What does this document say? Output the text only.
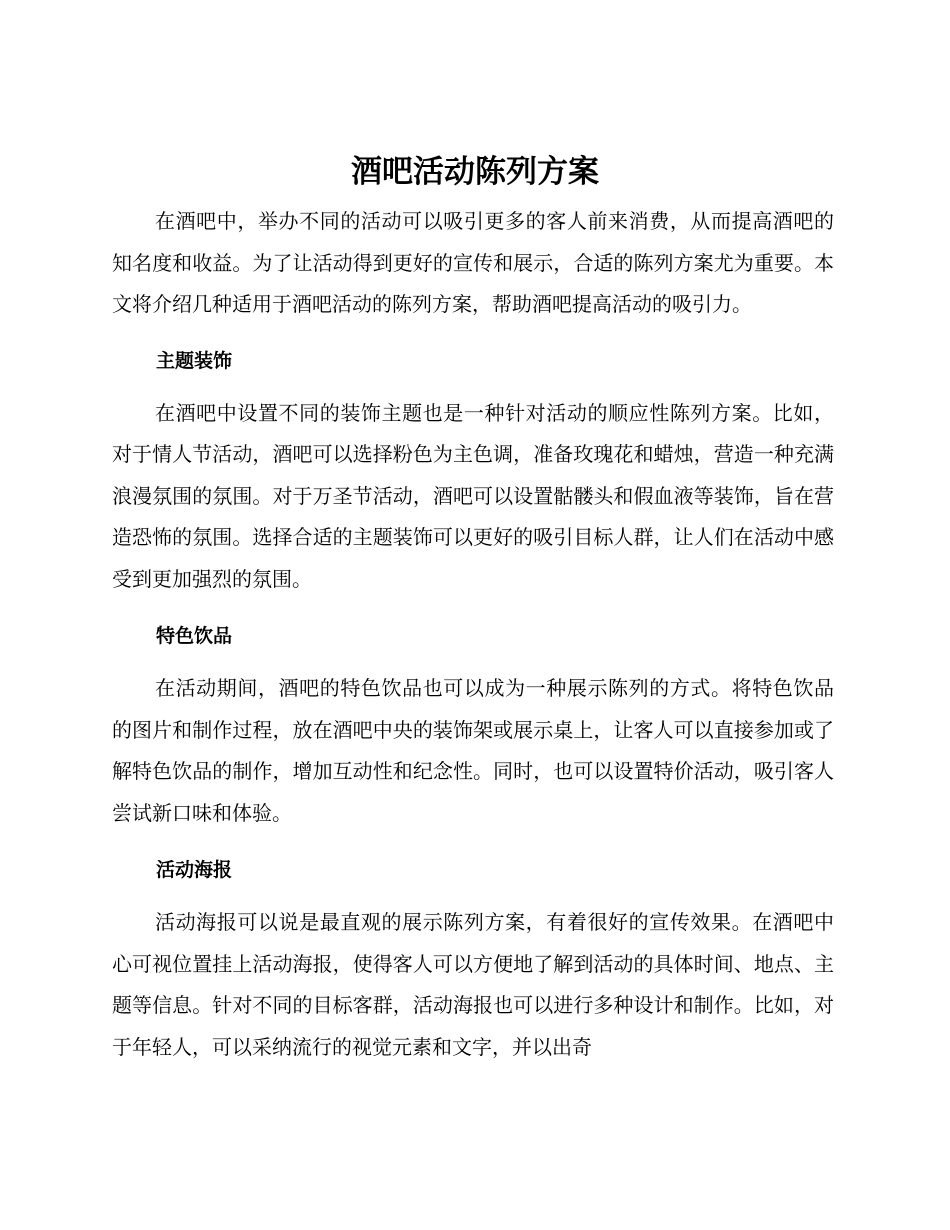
酒吧活动陈列方案

在酒吧中，举办不同的活动可以吸引更多的客人前来消费，从而提高酒吧的知名度和收益。为了让活动得到更好的宣传和展示，合适的陈列方案尤为重要。本文将介绍几种适用于酒吧活动的陈列方案，帮助酒吧提高活动的吸引力。

主题装饰

在酒吧中设置不同的装饰主题也是一种针对活动的顺应性陈列方案。比如，对于情人节活动，酒吧可以选择粉色为主色调，准备玫瑰花和蜡烛，营造一种充满浪漫氛围的氛围。对于万圣节活动，酒吧可以设置骷髅头和假血液等装饰，旨在营造恐怖的氛围。选择合适的主题装饰可以更好的吸引目标人群，让人们在活动中感受到更加强烈的氛围。

特色饮品

在活动期间，酒吧的特色饮品也可以成为一种展示陈列的方式。将特色饮品的图片和制作过程，放在酒吧中央的装饰架或展示桌上，让客人可以直接参加或了解特色饮品的制作，增加互动性和纪念性。同时，也可以设置特价活动，吸引客人尝试新口味和体验。

活动海报

活动海报可以说是最直观的展示陈列方案，有着很好的宣传效果。在酒吧中心可视位置挂上活动海报，使得客人可以方便地了解到活动的具体时间、地点、主题等信息。针对不同的目标客群，活动海报也可以进行多种设计和制作。比如，对于年轻人，可以采纳流行的视觉元素和文字，并以出奇
